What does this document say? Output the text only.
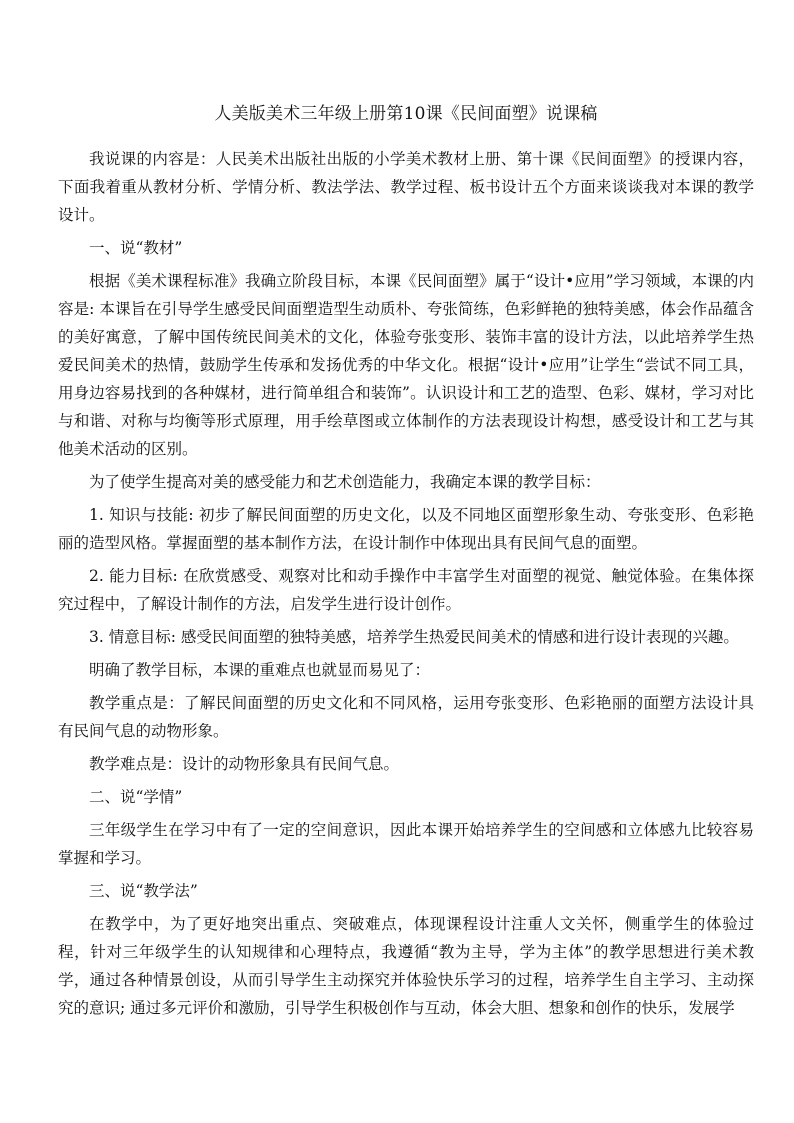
人美版美术三年级上册第10课《民间面塑》说课稿

我说课的内容是：人民美术出版社出版的小学美术教材上册、第十课《民间面塑》的授课内容，下面我着重从教材分析、学情分析、教法学法、教学过程、板书设计五个方面来谈谈我对本课的教学设计。

一、说“教材”

根据《美术课程标准》我确立阶段目标，本课《民间面塑》属于“设计•应用”学习领域，本课的内容是: 本课旨在引导学生感受民间面塑造型生动质朴、夸张简练，色彩鲜艳的独特美感，体会作品蕴含的美好寓意，了解中国传统民间美术的文化，体验夸张变形、装饰丰富的设计方法，以此培养学生热爱民间美术的热情，鼓励学生传承和发扬优秀的中华文化。根据“设计•应用”让学生“尝试不同工具，用身边容易找到的各种媒材，进行简单组合和装饰”。认识设计和工艺的造型、色彩、媒材，学习对比与和谐、对称与均衡等形式原理，用手绘草图或立体制作的方法表现设计构想，感受设计和工艺与其他美术活动的区别。

为了使学生提高对美的感受能力和艺术创造能力，我确定本课的教学目标：

1. 知识与技能: 初步了解民间面塑的历史文化，以及不同地区面塑形象生动、夸张变形、色彩艳丽的造型风格。掌握面塑的基本制作方法，在设计制作中体现出具有民间气息的面塑。

2. 能力目标: 在欣赏感受、观察对比和动手操作中丰富学生对面塑的视觉、触觉体验。在集体探究过程中，了解设计制作的方法，启发学生进行设计创作。

3. 情意目标: 感受民间面塑的独特美感，培养学生热爱民间美术的情感和进行设计表现的兴趣。

明确了教学目标，本课的重难点也就显而易见了：

教学重点是：了解民间面塑的历史文化和不同风格，运用夸张变形、色彩艳丽的面塑方法设计具有民间气息的动物形象。

教学难点是：设计的动物形象具有民间气息。

二、说“学情”

三年级学生在学习中有了一定的空间意识，因此本课开始培养学生的空间感和立体感九比较容易掌握和学习。

三、说“教学法”

在教学中，为了更好地突出重点、突破难点，体现课程设计注重人文关怀，侧重学生的体验过程，针对三年级学生的认知规律和心理特点，我遵循“教为主导，学为主体”的教学思想进行美术教学，通过各种情景创设，从而引导学生主动探究并体验快乐学习的过程，培养学生自主学习、主动探究的意识; 通过多元评价和激励，引导学生积极创作与互动，体会大胆、想象和创作的快乐，发展学
